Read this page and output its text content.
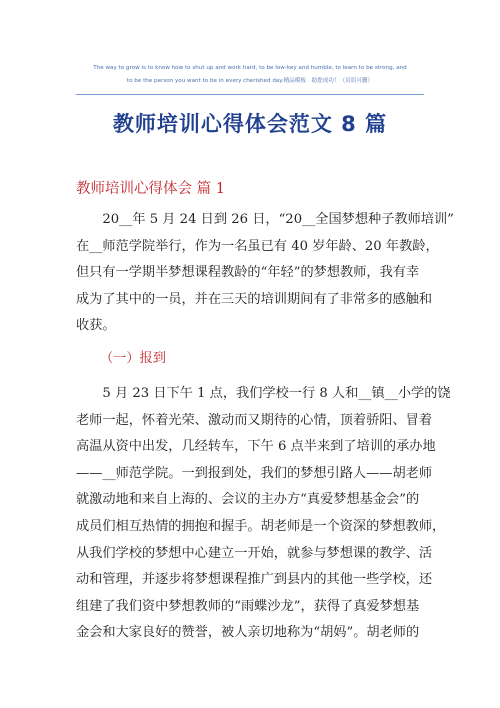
The way to grow is to know how to shut up and work hard, to be low-key and humble, to learn to be strong, and
to be the person you want to be in every cherished day.精品模板　助您成功！（页眉可删）
教师培训心得体会范文 8 篇
教师培训心得体会 篇 1
　　20__年 5 月 24 日到 26 日，“20__全国梦想种子教师培训”
在__师范学院举行，作为一名虽已有 40 岁年龄、20 年教龄，
但只有一学期半梦想课程教龄的“年轻”的梦想教师，我有幸
成为了其中的一员，并在三天的培训期间有了非常多的感触和
收获。
（一）报到
　　5 月 23 日下午 1 点，我们学校一行 8 人和__镇__小学的饶
老师一起，怀着光荣、激动而又期待的心情，顶着骄阳、冒着
高温从资中出发，几经转车，下午 6 点半来到了培训的承办地
——__师范学院。一到报到处，我们的梦想引路人——胡老师
就激动地和来自上海的、会议的主办方“真爱梦想基金会”的
成员们相互热情的拥抱和握手。胡老师是一个资深的梦想教师，
从我们学校的梦想中心建立一开始，就参与梦想课的教学、活
动和管理，并逐步将梦想课程推广到县内的其他一些学校，还
组建了我们资中梦想教师的“雨蝶沙龙”，获得了真爱梦想基
金会和大家良好的赞誉，被人亲切地称为“胡妈”。胡老师的
